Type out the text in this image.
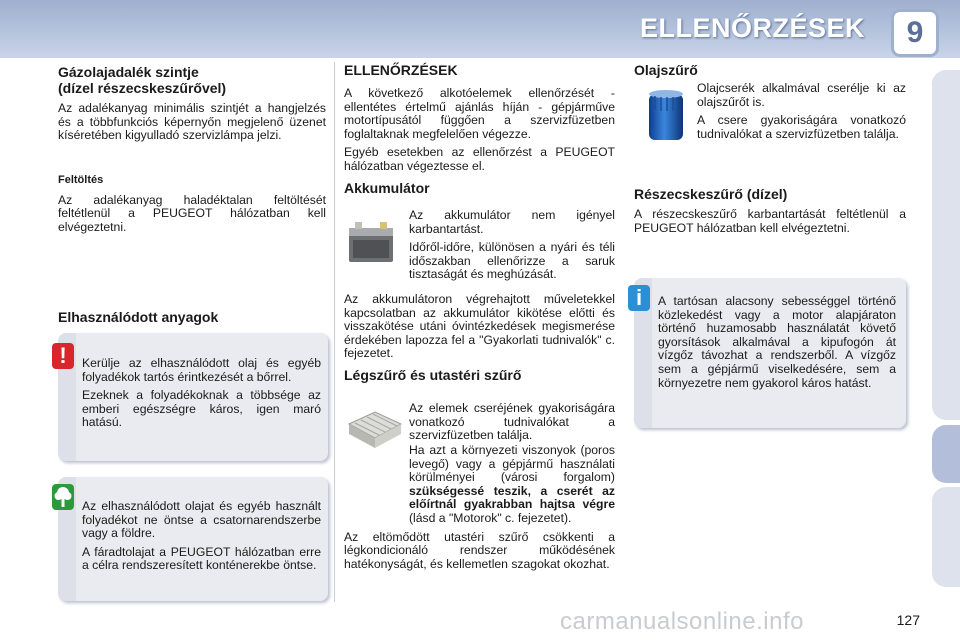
ELLENŐRZÉSEK	9
Gázolajadalék szintje
(dízel részecskeszűrővel)

Az adalékanyag minimális szintjét a hangjelzés és a többfunkciós képernyőn megjelenő üzenet kíséretében kigyulladó szervizlámpa jelzi.

Feltöltés

Az adalékanyag haladéktalan feltöltését feltétlenül a PEUGEOT hálózatban kell elvégeztetni.

Elhasználódott anyagok
!	Kerülje az elhasználódott olaj és egyéb folyadékok tartós érintkezését a bőrrel.

Ezeknek a folyadékoknak a többsége az emberi egészségre káros, igen maró hatású.

Az elhasználódott olajat és egyéb használt folyadékot ne öntse a csatornarendszerbe vagy a földre.

A fáradtolajat a PEUGEOT hálózatban erre a célra rendszeresített konténerekbe öntse.

ELLENŐRZÉSEK

A következő alkotóelemek ellenőrzését - ellentétes értelmű ajánlás híján - gépjárműve motortípusától függően a szervizfüzetben foglaltaknak megfelelően végezze.

Egyéb esetekben az ellenőrzést a PEUGEOT hálózatban végeztesse el.

Akkumulátor

Az akkumulátor nem igényel karbantartást.

Időről-időre, különösen a nyári és téli időszakban ellenőrizze a saruk tisztaságát és meghúzását.

Az akkumulátoron végrehajtott műveletekkel kapcsolatban az akkumulátor kikötése előtti és visszakötése utáni óvintézkedések megismerése érdekében lapozza fel a "Gyakorlati tudnivalók" c. fejezetet.

Légszűrő és utastéri szűrő

Az elemek cseréjének gyakoriságára vonatkozó tudnivalókat a szervizfüzetben találja.

Ha azt a környezeti viszonyok (poros levegő) vagy a gépjármű használati körülményei (városi forgalom) szükségessé teszik, a cserét az előírtnál gyakrabban hajtsa végre (lásd a "Motorok" c. fejezetet).

Az eltömődött utastéri szűrő csökkenti a légkondicionáló rendszer működésének hatékonyságát, és kellemetlen szagokat okozhat.

Olajszűrő

Olajcserék alkalmával cserélje ki az olajszűrőt is.

A csere gyakoriságára vonatkozó tudnivalókat a szervizfüzetben találja.

Részecskeszűrő (dízel)

A részecskeszűrő karbantartását feltétlenül a PEUGEOT hálózatban kell elvégeztetni.

i	A tartósan alacsony sebességgel történő közlekedést vagy a motor alapjáraton történő huzamosabb használatát követő gyorsítások alkalmával a kipufogón át vízgőz távozhat a rendszerből. A vízgőz sem a gépjármű viselkedésére, sem a környezetre nem gyakorol káros hatást.

127
carmanualsonline.info
